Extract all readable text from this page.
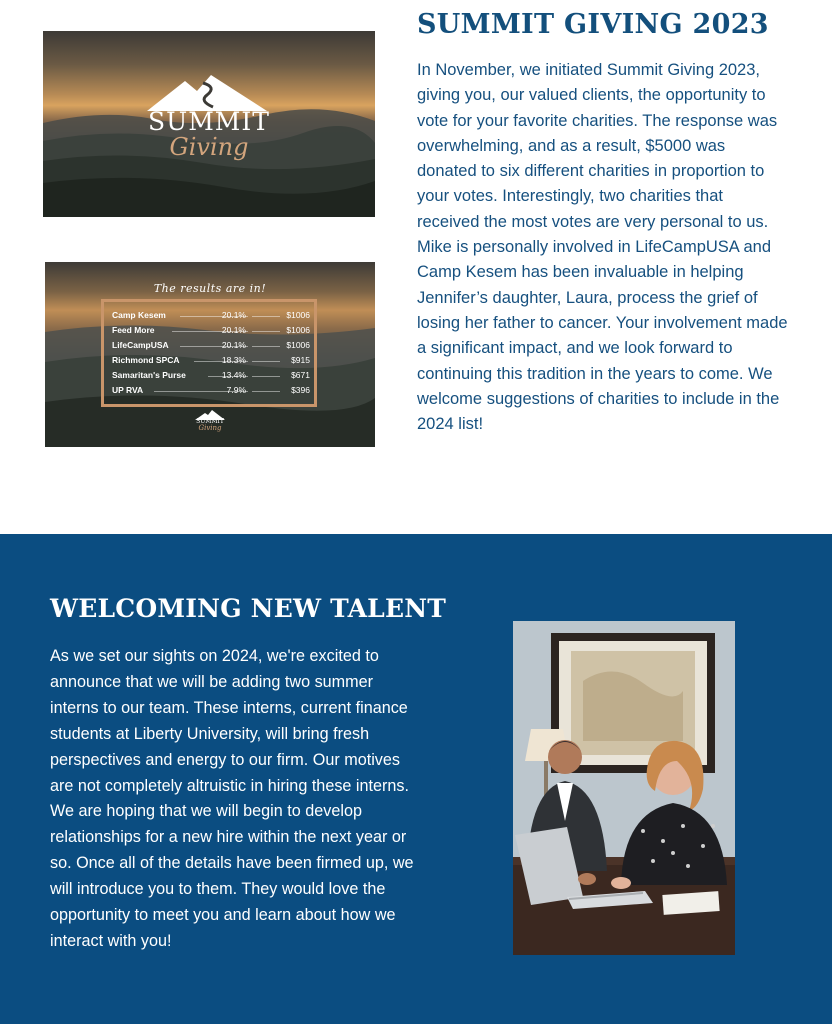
SUMMIT
Giving
The results are in!
Camp Kesem	20.1%	$1006
Feed More	20.1%	$1006
LifeCampUSA	20.1%	$1006
Richmond SPCA	18.3%	$915
Samaritan's Purse	13.4%	$671
UP RVA	7.9%	$396
SUMMIT
Giving
SUMMIT GIVING 2023

In November, we initiated Summit Giving 2023, giving you, our valued clients, the opportunity to vote for your favorite charities. The response was overwhelming, and as a result, $5000 was donated to six different charities in proportion to your votes. Interestingly, two charities that received the most votes are very personal to us. Mike is personally involved in LifeCampUSA and Camp Kesem has been invaluable in helping Jennifer’s daughter, Laura, process the grief of losing her father to cancer. Your involvement made a significant impact, and we look forward to continuing this tradition in the years to come. We welcome suggestions of charities to include in the 2024 list!

WELCOMING NEW TALENT

As we set our sights on 2024, we're excited to announce that we will be adding two summer interns to our team. These interns, current finance students at Liberty University, will bring fresh perspectives and energy to our firm. Our motives are not completely altruistic in hiring these interns. We are hoping that we will begin to develop relationships for a new hire within the next year or so. Once all of the details have been firmed up, we will introduce you to them. They would love the opportunity to meet you and learn about how we interact with you!
